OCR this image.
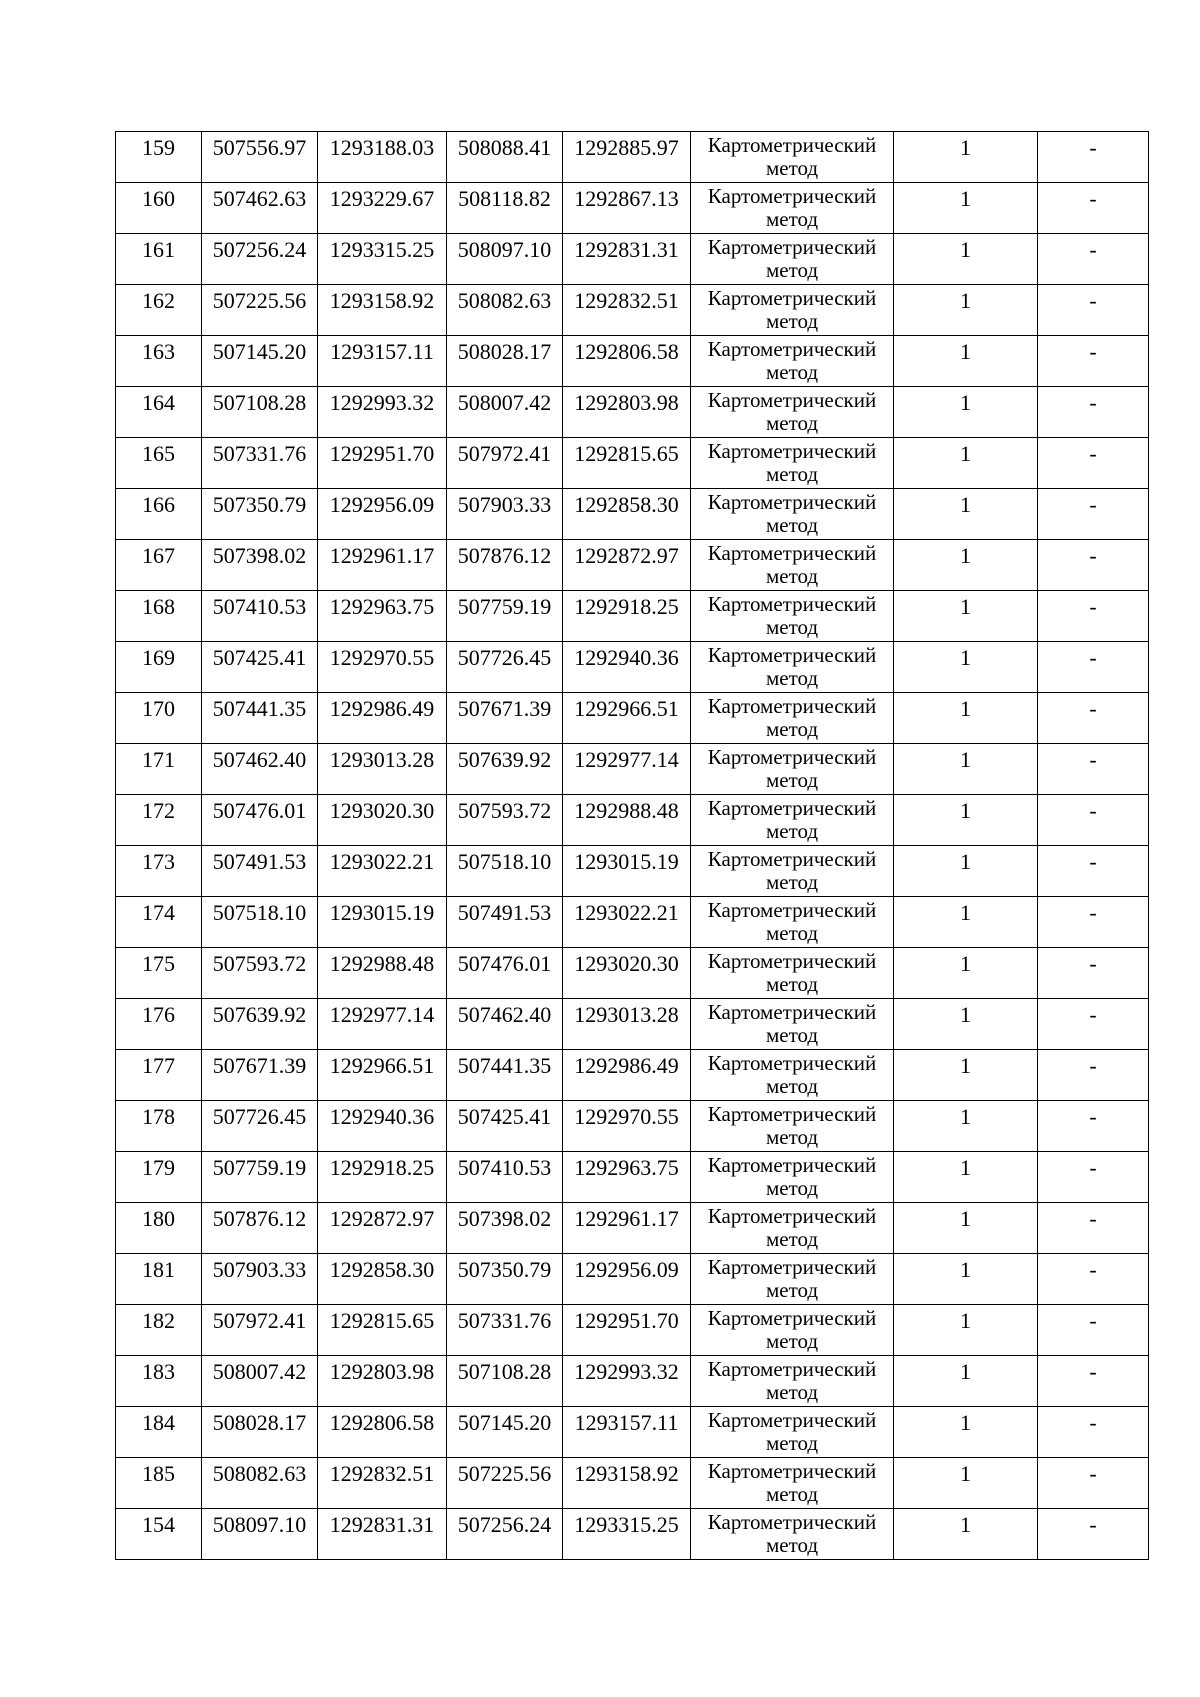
159	507556.97	1293188.03	508088.41	1292885.97	Картометрический
метод	1	-

160	507462.63	1293229.67	508118.82	1292867.13	Картометрический
метод	1	-

161	507256.24	1293315.25	508097.10	1292831.31	Картометрический
метод	1	-

162	507225.56	1293158.92	508082.63	1292832.51	Картометрический
метод	1	-

163	507145.20	1293157.11	508028.17	1292806.58	Картометрический
метод	1	-

164	507108.28	1292993.32	508007.42	1292803.98	Картометрический
метод	1	-

165	507331.76	1292951.70	507972.41	1292815.65	Картометрический
метод	1	-

166	507350.79	1292956.09	507903.33	1292858.30	Картометрический
метод	1	-

167	507398.02	1292961.17	507876.12	1292872.97	Картометрический
метод	1	-

168	507410.53	1292963.75	507759.19	1292918.25	Картометрический
метод	1	-

169	507425.41	1292970.55	507726.45	1292940.36	Картометрический
метод	1	-

170	507441.35	1292986.49	507671.39	1292966.51	Картометрический
метод	1	-

171	507462.40	1293013.28	507639.92	1292977.14	Картометрический
метод	1	-

172	507476.01	1293020.30	507593.72	1292988.48	Картометрический
метод	1	-

173	507491.53	1293022.21	507518.10	1293015.19	Картометрический
метод	1	-

174	507518.10	1293015.19	507491.53	1293022.21	Картометрический
метод	1	-

175	507593.72	1292988.48	507476.01	1293020.30	Картометрический
метод	1	-

176	507639.92	1292977.14	507462.40	1293013.28	Картометрический
метод	1	-

177	507671.39	1292966.51	507441.35	1292986.49	Картометрический
метод	1	-

178	507726.45	1292940.36	507425.41	1292970.55	Картометрический
метод	1	-

179	507759.19	1292918.25	507410.53	1292963.75	Картометрический
метод	1	-

180	507876.12	1292872.97	507398.02	1292961.17	Картометрический
метод	1	-

181	507903.33	1292858.30	507350.79	1292956.09	Картометрический
метод	1	-

182	507972.41	1292815.65	507331.76	1292951.70	Картометрический
метод	1	-

183	508007.42	1292803.98	507108.28	1292993.32	Картометрический
метод	1	-

184	508028.17	1292806.58	507145.20	1293157.11	Картометрический
метод	1	-

185	508082.63	1292832.51	507225.56	1293158.92	Картометрический
метод	1	-

154	508097.10	1292831.31	507256.24	1293315.25	Картометрический
метод	1	-
